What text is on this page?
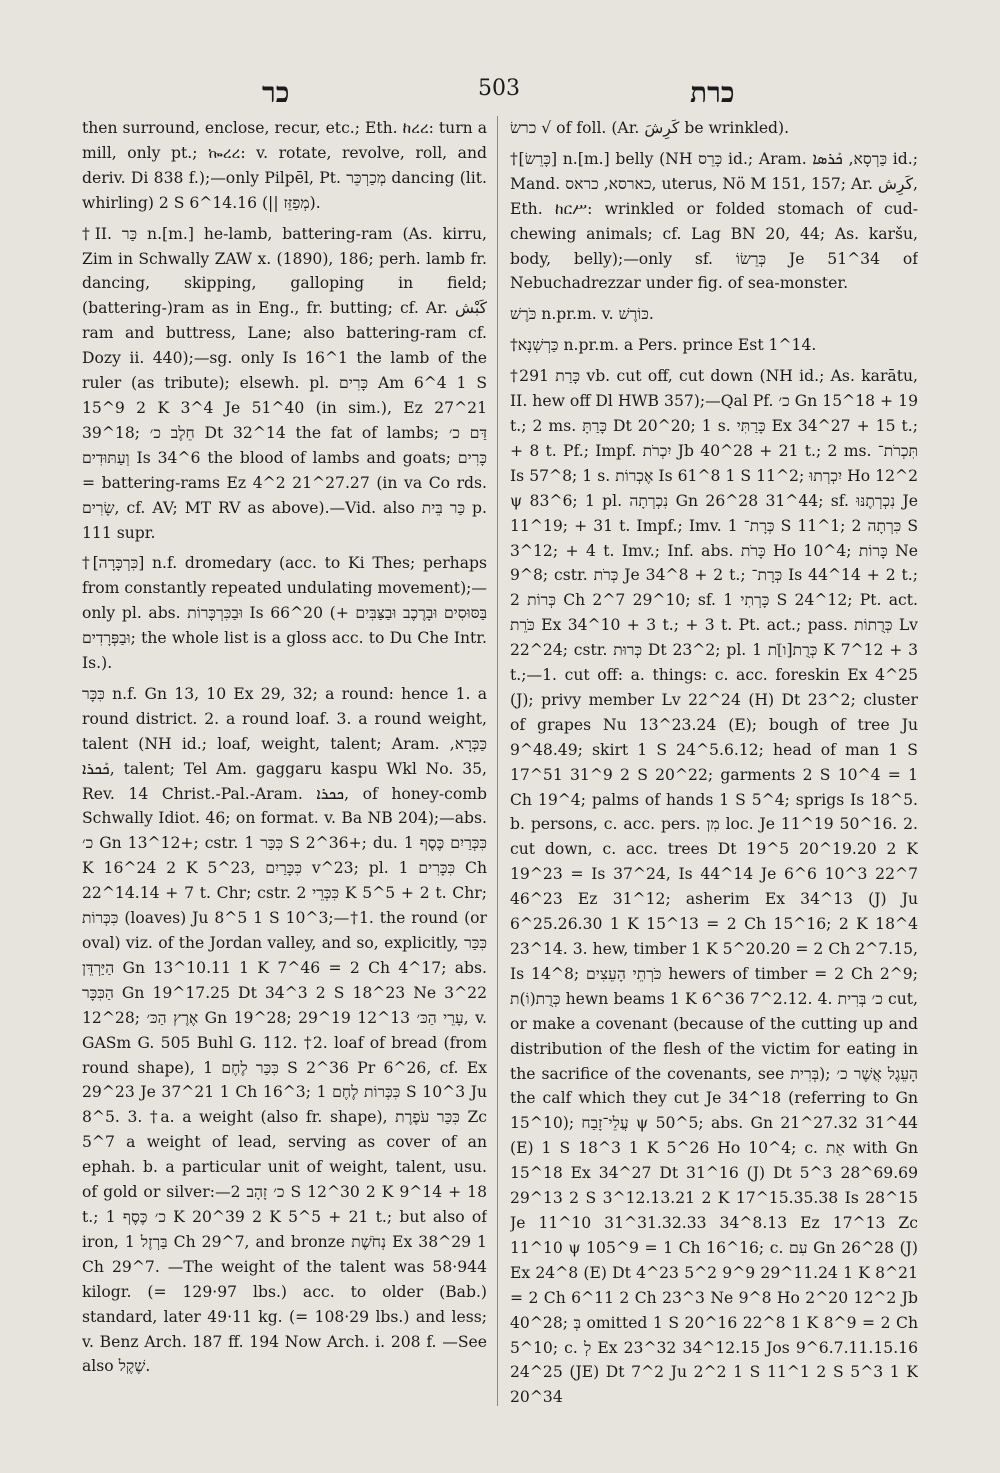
כר	503	כרת

then surround, enclose, recur, etc.; Eth. ከረረ: turn a mill, only pt.; ኰረረ: v. rotate, revolve, roll, and deriv. Di 838 f.);—only Pilpēl, Pt. מְכַרְכֵּר dancing (lit. whirling) 2 S 6^14.16 (|| מְפַזֵּז).

†II. כַּר n.[m.] he-lamb, battering-ram (As. kirru, Zim in Schwally ZAW x. (1890), 186; perh. lamb fr. dancing, skipping, galloping in field; (battering-)ram as in Eng., fr. butting; cf. Ar. كَبْش ram and buttress, Lane; also battering-ram cf. Dozy ii. 440);—sg. only Is 16^1 the lamb of the ruler (as tribute); elsewh. pl. כָּרִים Am 6^4 1 S 15^9 2 K 3^4 Je 51^40 (in sim.), Ez 27^21 39^18; חֵלֶב כ׳ Dt 32^14 the fat of lambs; דַּם כ׳ וְעַתּוּדִים Is 34^6 the blood of lambs and goats; כָּרִים = battering-rams Ez 4^2 21^27.27 (in va Co rds. שָׂרִים, cf. AV; MT RV as above).—Vid. also כַּר בֵּית p. 111 supr.

†[כִּרְכָּרָה] n.f. dromedary (acc. to Ki Thes; perhaps from constantly repeated undulating movement);—only pl. abs. וּבַכִּרְכָּרוֹת Is 66^20 (+ בַּסּוּסִים וּבָרֶכֶב וּבַצַּבִּים וּבַפְּרָדִים; the whole list is a gloss acc. to Du Che Intr. Is.).

כִּכָּר n.f. Gn 13, 10 Ex 29, 32; a round: hence 1. a round district. 2. a round loaf. 3. a round weight, talent (NH id.; loaf, weight, talent; Aram. כַּכְּרָא, ܟܰܟܪܐ, talent; Tel Am. gaggaru kaspu Wkl No. 35, Rev. 14 Christ.-Pal.-Aram. ܟܟܪܐ, of honey-comb Schwally Idiot. 46; on format. v. Ba NB 204);—abs. כ׳ Gn 13^12+; cstr. כִּכַּר 1 S 2^36+; du. כִּכְּרַיִם כֶּסֶף 1 K 16^24 2 K 5^23, כִּכָּרַיִם v^23; pl. כִּכָּרִים 1 Ch 22^14.14 + 7 t. Chr; cstr. כִּכְּרֵי 2 K 5^5 + 2 t. Chr; כִּכְּרוֹת (loaves) Ju 8^5 1 S 10^3;—†1. the round (or oval) viz. of the Jordan valley, and so, explicitly, כִּכַּר הַיַּרְדֵּן Gn 13^10.11 1 K 7^46 = 2 Ch 4^17; abs. הַכִּכָּר Gn 19^17.25 Dt 34^3 2 S 18^23 Ne 3^22 12^28; אֶרֶץ הַכּ׳ Gn 19^28; עָרֵי הַכּ׳ 13^12 19^29, v. GASm G. 505 Buhl G. 112. †2. loaf of bread (from round shape), כִּכַּר לֶחֶם 1 S 2^36 Pr 6^26, cf. Ex 29^23 Je 37^21 1 Ch 16^3; כִּכְּרוֹת לֶחֶם 1 S 10^3 Ju 8^5. 3. †a. a weight (also fr. shape), כִּכַּר עֹפֶרֶת Zc 5^7 a weight of lead, serving as cover of an ephah. b. a particular unit of weight, talent, usu. of gold or silver:—כ׳ זָהָב 2 S 12^30 2 K 9^14 + 18 t.; כ׳ כֶּסֶף 1 K 20^39 2 K 5^5 + 21 t.; but also of iron, בַּרְזֶל 1 Ch 29^7, and bronze נְחֹשֶׁת Ex 38^29 1 Ch 29^7. —The weight of the talent was 58·944 kilogr. (= 129·97 lbs.) acc. to older (Bab.) standard, later 49·11 kg. (= 108·29 lbs.) and less; v. Benz Arch. 187 ff. 194 Now Arch. i. 208 f. —See also שֶׁקֶל.

כרשׂ √ of foll. (Ar. كَرِشَ be wrinkled).

†[כָּרֵשׂ] n.[m.] belly (NH כָּרֵס id.; Aram. כַּרְסָא, ܟܰܪܣܐ id.; Mand. כארסא, כראס, uterus, Nö M 151, 157; Ar. كَرِش, Eth. ከርሥ: wrinkled or folded stomach of cud-chewing animals; cf. Lag BN 20, 44; As. karšu, body, belly);—only sf. כְּרֵשׂוֹ Je 51^34 of Nebuchadrezzar under fig. of sea-monster.

כֹּרֶשׁ n.pr.m. v. כּוֹרֶשׁ.

†כַּרְשְׁנָא n.pr.m. a Pers. prince Est 1^14.

†כָּרַת 291 vb. cut off, cut down (NH id.; As. karātu, II. hew off Dl HWB 357);—Qal Pf. כ׳ Gn 15^18 + 19 t.; 2 ms. כָּרַתָּ Dt 20^20; 1 s. כָּרַתִּי Ex 34^27 + 15 t.; + 8 t. Pf.; Impf. יִכְרֹת Jb 40^28 + 21 t.; 2 ms. תִּכְרֹת־ Is 57^8; 1 s. אֶכְרוֹת Is 61^8 1 S 11^2; יִכְרְתוּ Ho 12^2 ψ 83^6; 1 pl. נִכְרְתָה Gn 26^28 31^44; sf. נִכְרְתֶנּוּ Je 11^19; + 31 t. Impf.; Imv. כְּרָת־ 1 S 11^1; כִּרְתָה 2 S 3^12; + 4 t. Imv.; Inf. abs. כָּרֹת Ho 10^4; כָּרוֹת Ne 9^8; cstr. כְּרֹת Je 34^8 + 2 t.; כְּרָת־ Is 44^14 + 2 t.; כְּרוֹת 2 Ch 2^7 29^10; sf. כָּרְתִי 1 S 24^12; Pt. act. כֹּרֵת Ex 34^10 + 3 t.; + 3 t. Pt. act.; pass. כְּרֻתוֹת Lv 22^24; cstr. כְּרוּת Dt 23^2; pl. כְּרֻת[ו]ֹת 1 K 7^12 + 3 t.;—1. cut off: a. things: c. acc. foreskin Ex 4^25 (J); privy member Lv 22^24 (H) Dt 23^2; cluster of grapes Nu 13^23.24 (E); bough of tree Ju 9^48.49; skirt 1 S 24^5.6.12; head of man 1 S 17^51 31^9 2 S 20^22; garments 2 S 10^4 = 1 Ch 19^4; palms of hands 1 S 5^4; sprigs Is 18^5. b. persons, c. acc. pers. מִן loc. Je 11^19 50^16. 2. cut down, c. acc. trees Dt 19^5 20^19.20 2 K 19^23 = Is 37^24, Is 44^14 Je 6^6 10^3 22^7 46^23 Ez 31^12; asherim Ex 34^13 (J) Ju 6^25.26.30 1 K 15^13 = 2 Ch 15^16; 2 K 18^4 23^14. 3. hew, timber 1 K 5^20.20 = 2 Ch 2^7.15, Is 14^8; כֹּרְתֵי הָעֵצִים hewers of timber = 2 Ch 2^9; כְּרֻת(וֹ)ת hewn beams 1 K 6^36 7^2.12. 4. כ׳ בְּרִית cut, or make a covenant (because of the cutting up and distribution of the flesh of the victim for eating in the sacrifice of the covenants, see בְּרִית); הָעֵגֶל אֲשֶׁר כ׳ the calf which they cut Je 34^18 (referring to Gn 15^10); עֲלֵי־זָבַח ψ 50^5; abs. Gn 21^27.32 31^44 (E) 1 S 18^3 1 K 5^26 Ho 10^4; c. אֵת with Gn 15^18 Ex 34^27 Dt 31^16 (J) Dt 5^3 28^69.69 29^13 2 S 3^12.13.21 2 K 17^15.35.38 Is 28^15 Je 11^10 31^31.32.33 34^8.13 Ez 17^13 Zc 11^10 ψ 105^9 = 1 Ch 16^16; c. עִם Gn 26^28 (J) Ex 24^8 (E) Dt 4^23 5^2 9^9 29^11.24 1 K 8^21 = 2 Ch 6^11 2 Ch 23^3 Ne 9^8 Ho 2^20 12^2 Jb 40^28; בְּ omitted 1 S 20^16 22^8 1 K 8^9 = 2 Ch 5^10; c. לְ Ex 23^32 34^12.15 Jos 9^6.7.11.15.16 24^25 (JE) Dt 7^2 Ju 2^2 1 S 11^1 2 S 5^3 1 K 20^34
